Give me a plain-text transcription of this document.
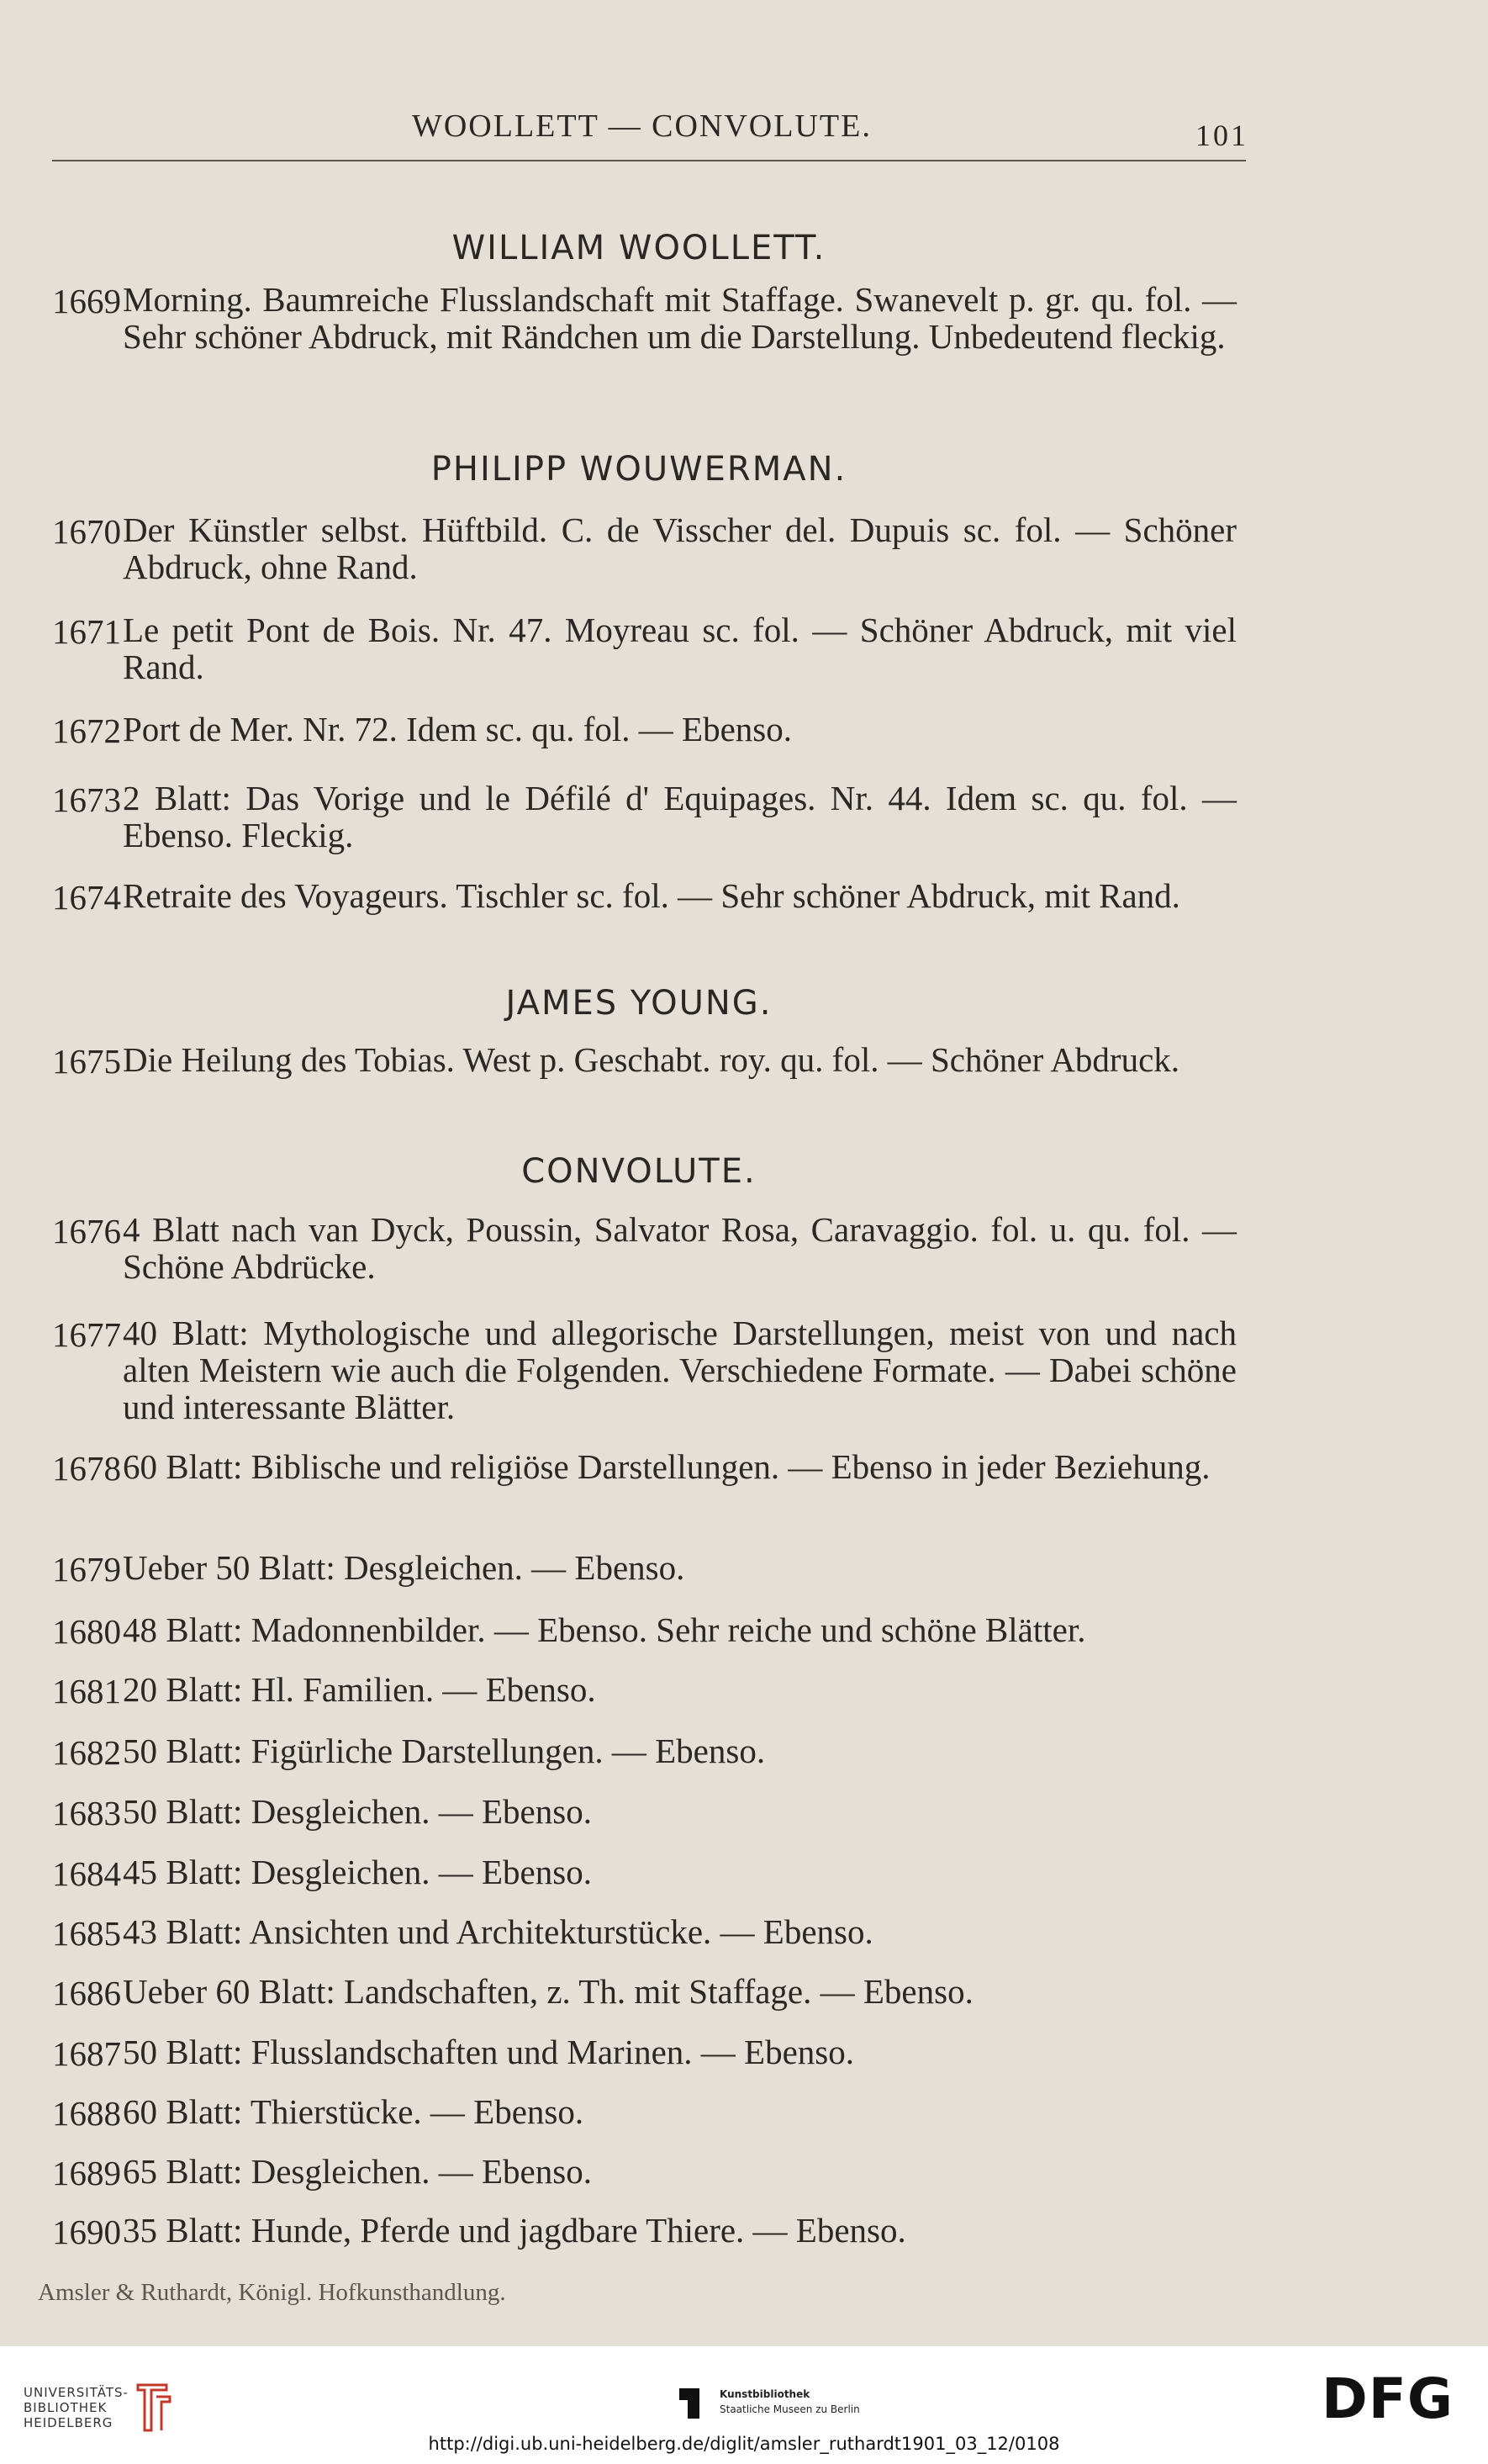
WOOLLETT — CONVOLUTE.	101
WILLIAM WOOLLETT.
1669 Morning. Baumreiche Flusslandschaft mit Staffage. Swanevelt p. gr. qu. fol. — Sehr schöner Abdruck, mit Rändchen um die Darstellung. Unbedeutend fleckig.
PHILIPP WOUWERMAN.
1670 Der Künstler selbst. Hüftbild. C. de Visscher del. Dupuis sc. fol. — Schöner Abdruck, ohne Rand.
1671 Le petit Pont de Bois. Nr. 47. Moyreau sc. fol. — Schöner Abdruck, mit viel Rand.
1672 Port de Mer. Nr. 72. Idem sc. qu. fol. — Ebenso.
1673 2 Blatt: Das Vorige und le Défilé d' Equipages. Nr. 44. Idem sc. qu. fol. — Ebenso. Fleckig.
1674 Retraite des Voyageurs. Tischler sc. fol. — Sehr schöner Abdruck, mit Rand.
JAMES YOUNG.
1675 Die Heilung des Tobias. West p. Geschabt. roy. qu. fol. — Schöner Abdruck.
CONVOLUTE.
1676 4 Blatt nach van Dyck, Poussin, Salvator Rosa, Caravaggio. fol. u. qu. fol. — Schöne Abdrücke.
1677 40 Blatt: Mythologische und allegorische Darstellungen, meist von und nach alten Meistern wie auch die Folgenden. Verschiedene Formate. — Dabei schöne und interessante Blätter.
1678 60 Blatt: Biblische und religiöse Darstellungen. — Ebenso in jeder Beziehung.
1679 Ueber 50 Blatt: Desgleichen. — Ebenso.
1680 48 Blatt: Madonnenbilder. — Ebenso. Sehr reiche und schöne Blätter.
1681 20 Blatt: Hl. Familien. — Ebenso.
1682 50 Blatt: Figürliche Darstellungen. — Ebenso.
1683 50 Blatt: Desgleichen. — Ebenso.
1684 45 Blatt: Desgleichen. — Ebenso.
1685 43 Blatt: Ansichten und Architekturstücke. — Ebenso.
1686 Ueber 60 Blatt: Landschaften, z. Th. mit Staffage. — Ebenso.
1687 50 Blatt: Flusslandschaften und Marinen. — Ebenso.
1688 60 Blatt: Thierstücke. — Ebenso.
1689 65 Blatt: Desgleichen. — Ebenso.
1690 35 Blatt: Hunde, Pferde und jagdbare Thiere. — Ebenso.
Amsler & Ruthardt, Königl. Hofkunsthandlung.
UNIVERSITÄTS-
BIBLIOTHEK
HEIDELBERG
Kunstbibliothek
Staatliche Museen zu Berlin	DFG
http://digi.ub.uni-heidelberg.de/diglit/amsler_ruthardt1901_03_12/0108
